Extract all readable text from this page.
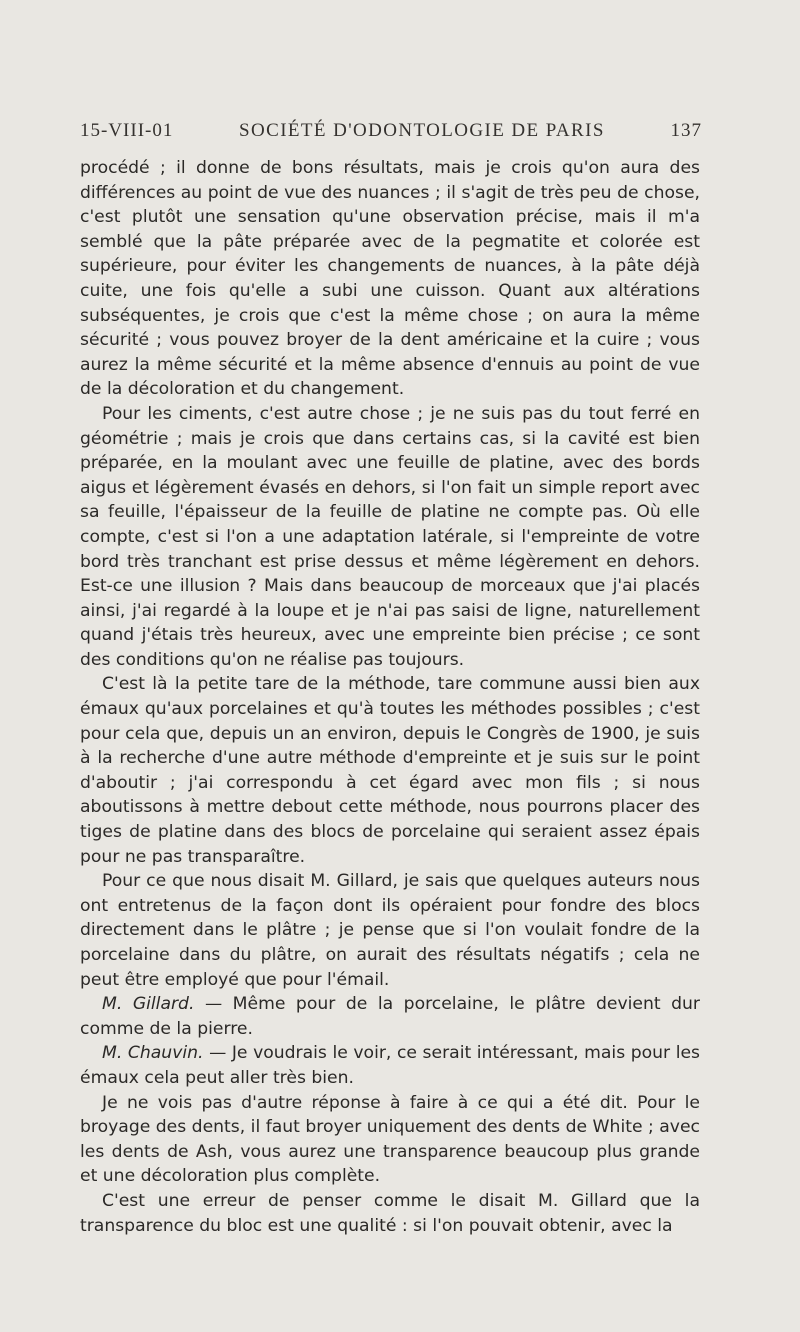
15-VIII-01	SOCIÉTÉ D'ODONTOLOGIE DE PARIS	137

procédé ; il donne de bons résultats, mais je crois qu'on aura des différences au point de vue des nuances ; il s'agit de très peu de chose, c'est plutôt une sensation qu'une observation précise, mais il m'a semblé que la pâte préparée avec de la pegmatite et colorée est supérieure, pour éviter les changements de nuances, à la pâte déjà cuite, une fois qu'elle a subi une cuisson. Quant aux altérations subséquentes, je crois que c'est la même chose ; on aura la même sécurité ; vous pouvez broyer de la dent américaine et la cuire ; vous aurez la même sécurité et la même absence d'ennuis au point de vue de la décoloration et du changement.

Pour les ciments, c'est autre chose ; je ne suis pas du tout ferré en géométrie ; mais je crois que dans certains cas, si la cavité est bien préparée, en la moulant avec une feuille de platine, avec des bords aigus et légèrement évasés en dehors, si l'on fait un simple report avec sa feuille, l'épaisseur de la feuille de platine ne compte pas. Où elle compte, c'est si l'on a une adaptation latérale, si l'empreinte de votre bord très tranchant est prise dessus et même légèrement en dehors. Est-ce une illusion ? Mais dans beaucoup de morceaux que j'ai placés ainsi, j'ai regardé à la loupe et je n'ai pas saisi de ligne, naturellement quand j'étais très heureux, avec une empreinte bien précise ; ce sont des conditions qu'on ne réalise pas toujours.

C'est là la petite tare de la méthode, tare commune aussi bien aux émaux qu'aux porcelaines et qu'à toutes les méthodes possibles ; c'est pour cela que, depuis un an environ, depuis le Congrès de 1900, je suis à la recherche d'une autre méthode d'empreinte et je suis sur le point d'aboutir ; j'ai correspondu à cet égard avec mon fils ; si nous aboutissons à mettre debout cette méthode, nous pourrons placer des tiges de platine dans des blocs de porcelaine qui seraient assez épais pour ne pas transparaître.

Pour ce que nous disait M. Gillard, je sais que quelques auteurs nous ont entretenus de la façon dont ils opéraient pour fondre des blocs directement dans le plâtre ; je pense que si l'on voulait fondre de la porcelaine dans du plâtre, on aurait des résultats négatifs ; cela ne peut être employé que pour l'émail.

M. Gillard. — Même pour de la porcelaine, le plâtre devient dur comme de la pierre.

M. Chauvin. — Je voudrais le voir, ce serait intéressant, mais pour les émaux cela peut aller très bien.

Je ne vois pas d'autre réponse à faire à ce qui a été dit. Pour le broyage des dents, il faut broyer uniquement des dents de White ; avec les dents de Ash, vous aurez une transparence beaucoup plus grande et une décoloration plus complète.

C'est une erreur de penser comme le disait M. Gillard que la transparence du bloc est une qualité : si l'on pouvait obtenir, avec la
